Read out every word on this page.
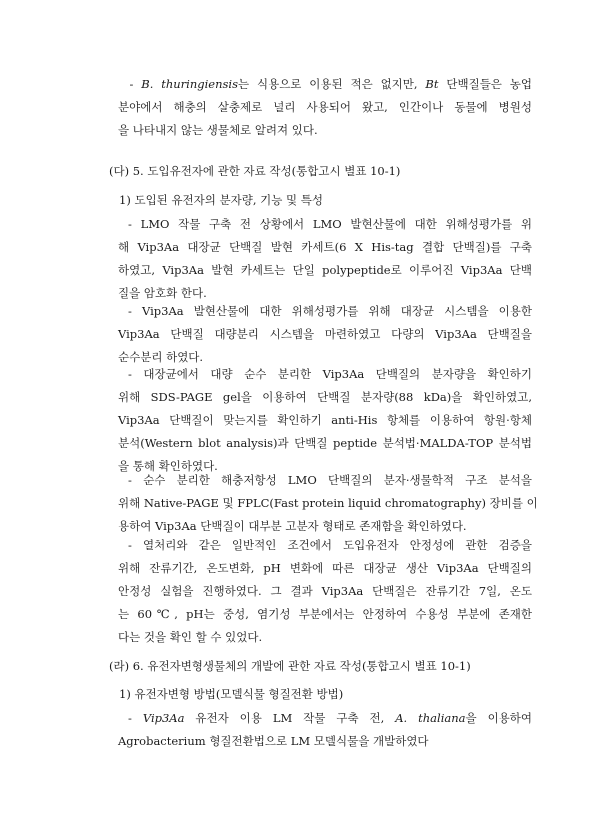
  - B. thuringiensis는 식용으로 이용된 적은 없지만, Bt 단백질들은 농업
분야에서 해충의 살충제로 널리 사용되어 왔고, 인간이나 동물에 병원성
을 나타내지 않는 생물체로 알려져 있다.
(다) 5. 도입유전자에 관한 자료 작성(통합고시 별표 10-1)
1) 도입된 유전자의 분자량, 기능 및 특성
- LMO 작물 구축 전 상황에서 LMO 발현산물에 대한 위해성평가를 위
해 Vip3Aa 대장균 단백질 발현 카세트(6 X His-tag 결합 단백질)를 구축
하였고, Vip3Aa 발현 카세트는 단일 polypeptide로 이루어진 Vip3Aa 단백
질을 암호화 한다.
- Vip3Aa 발현산물에 대한 위해성평가를 위해 대장균 시스템을 이용한
Vip3Aa 단백질 대량분리 시스템을 마련하였고 다량의 Vip3Aa 단백질을
순수분리 하였다.
- 대장균에서 대량 순수 분리한 Vip3Aa 단백질의 분자량을 확인하기
위해 SDS-PAGE gel을 이용하여 단백질 분자량(88 kDa)을 확인하였고,
Vip3Aa 단백질이 맞는지를 확인하기 anti-His 항체를 이용하여 항원·항체
분석(Western blot analysis)과 단백질 peptide 분석법·MALDA-TOP 분석법
을 통해 확인하였다.
- 순수 분리한 해충저항성 LMO 단백질의 분자·생물학적 구조 분석을
위해 Native-PAGE 및 FPLC(Fast protein liquid chromatography) 장비를 이
용하여 Vip3Aa 단백질이 대부분 고분자 형태로 존재함을 확인하였다.
- 열처리와 같은 일반적인 조건에서 도입유전자 안정성에 관한 검증을
위해 잔류기간, 온도변화, pH 변화에 따른 대장균 생산 Vip3Aa 단백질의
안정성 실험을 진행하였다. 그 결과 Vip3Aa 단백질은 잔류기간 7일, 온도
는 60℃, pH는 중성, 염기성 부분에서는 안정하여 수용성 부분에 존재한
다는 것을 확인 할 수 있었다.
(라) 6. 유전자변형생물체의 개발에 관한 자료 작성(통합고시 별표 10-1)
1) 유전자변형 방법(모델식물 형질전환 방법)
- Vip3Aa 유전자 이용 LM 작물 구축 전, A. thaliana을 이용하여
Agrobacterium 형질전환법으로 LM 모델식물을 개발하였다
